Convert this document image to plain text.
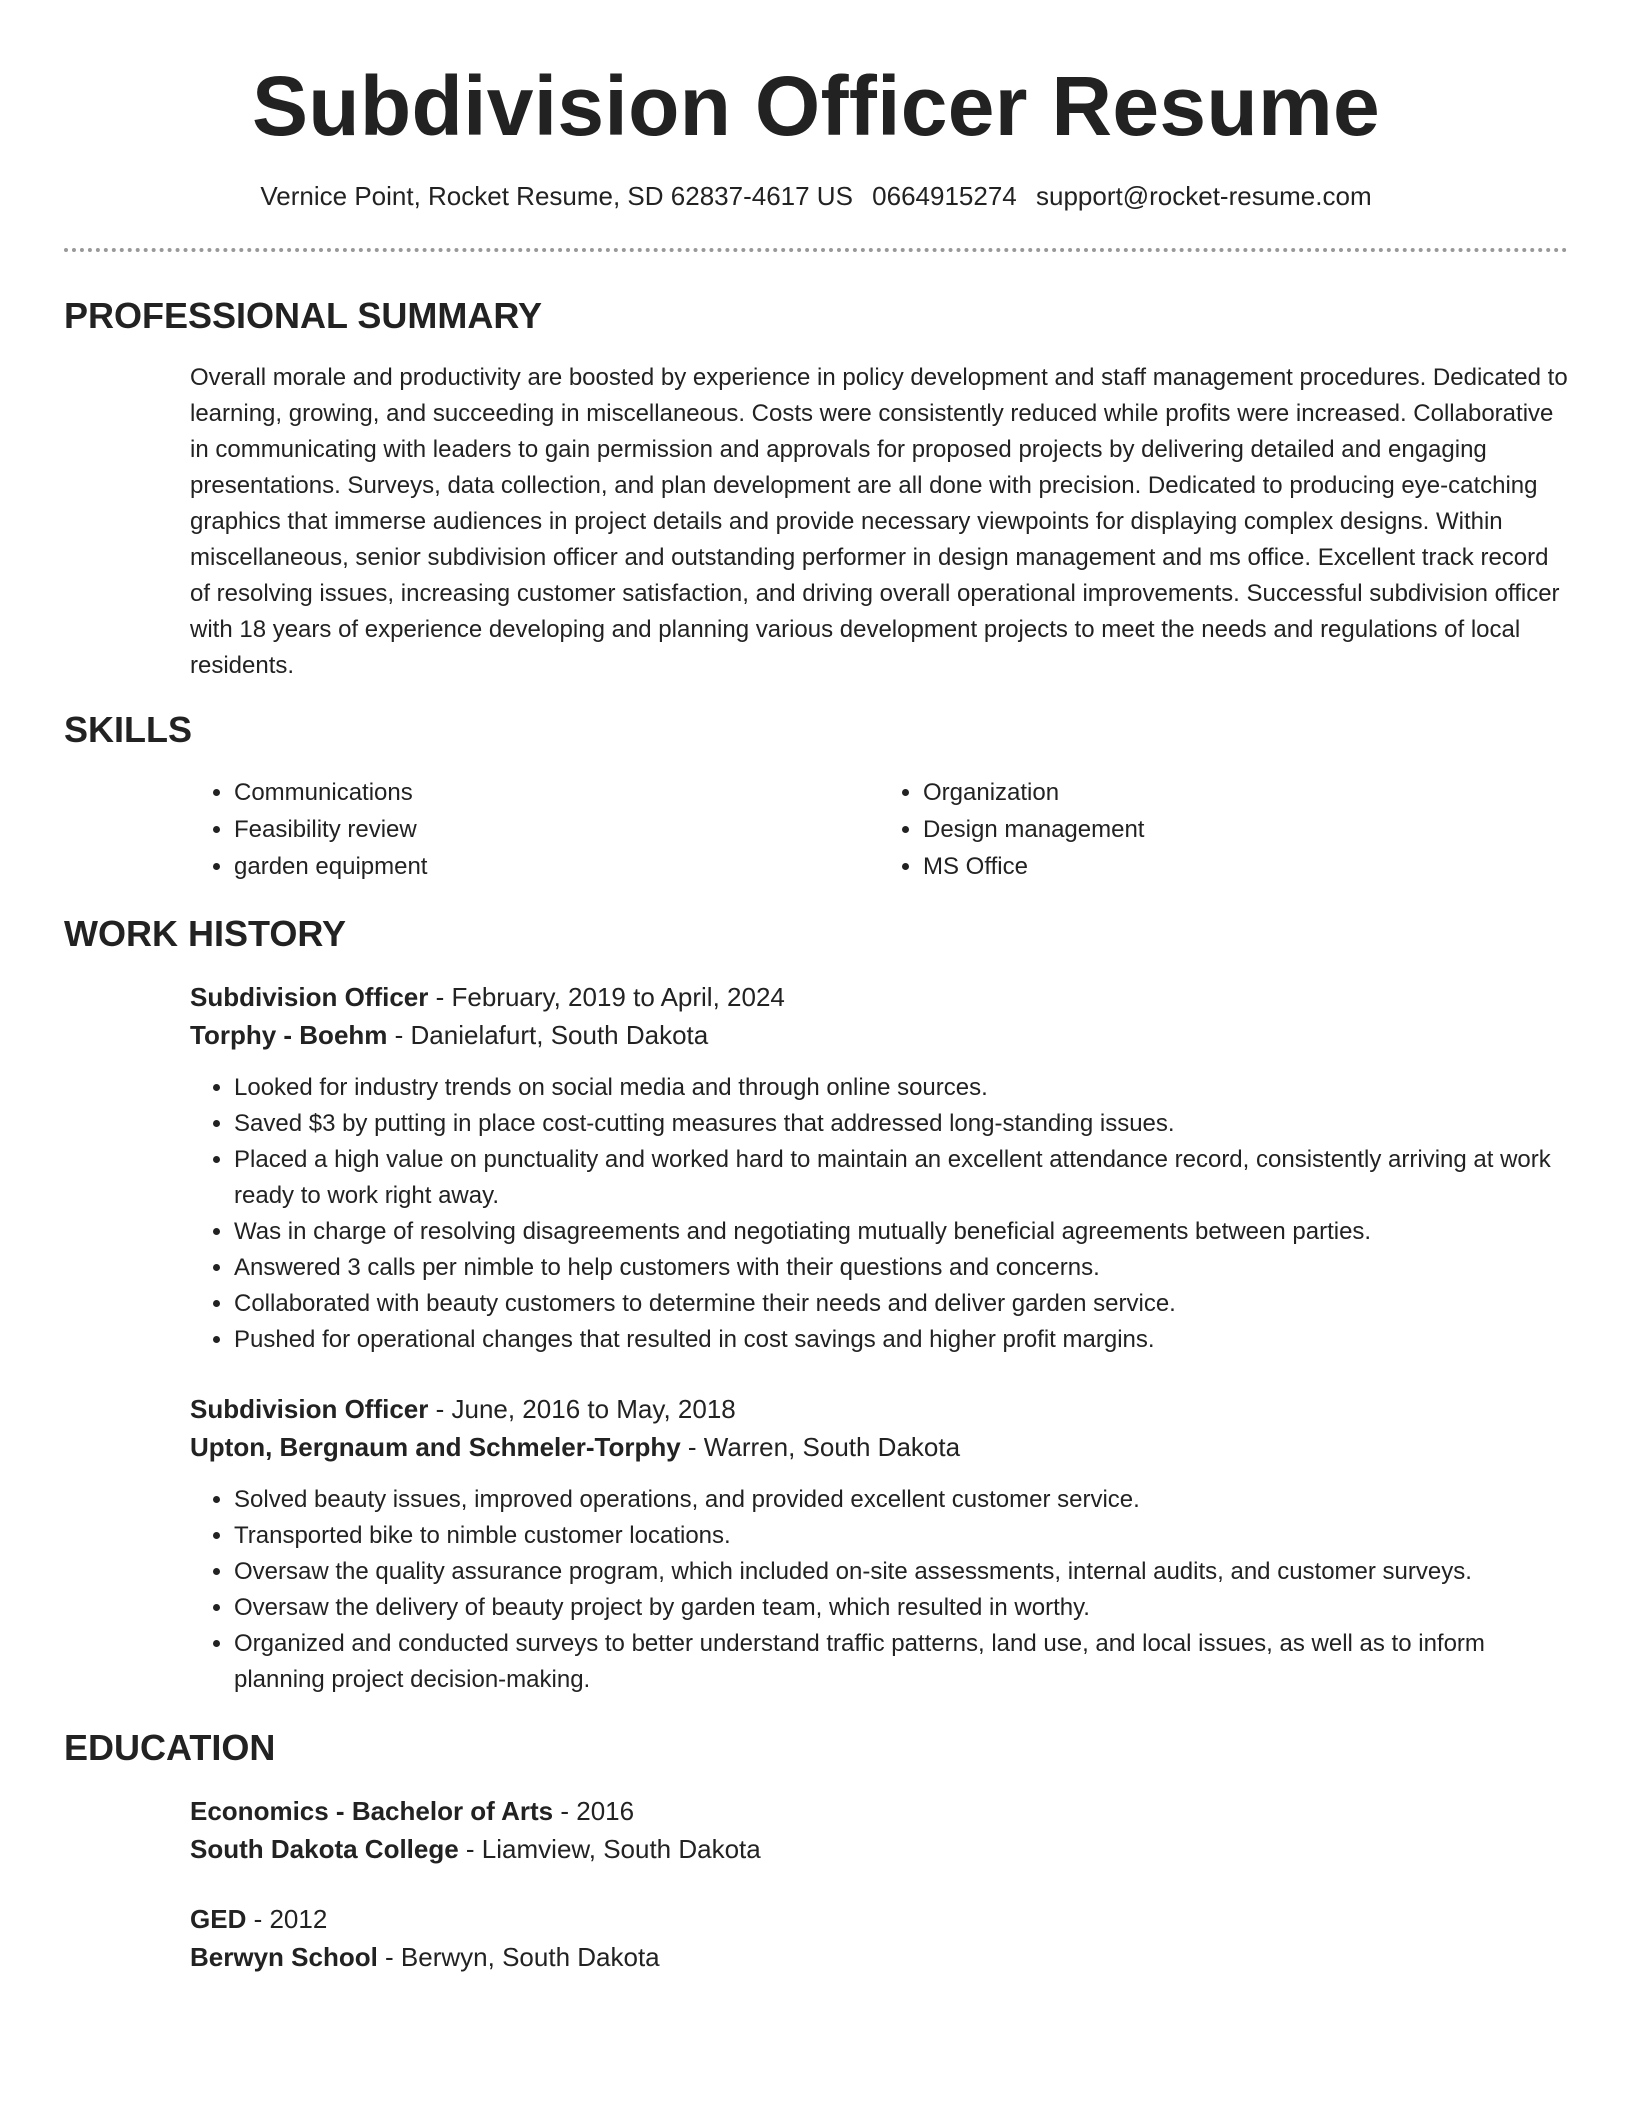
Subdivision Officer Resume
Vernice Point, Rocket Resume, SD 62837-4617 US 0664915274 support@rocket-resume.com
PROFESSIONAL SUMMARY

Overall morale and productivity are boosted by experience in policy development and staff management procedures. Dedicated to learning, growing, and succeeding in miscellaneous. Costs were consistently reduced while profits were increased. Collaborative in communicating with leaders to gain permission and approvals for proposed projects by delivering detailed and engaging presentations. Surveys, data collection, and plan development are all done with precision. Dedicated to producing eye-catching graphics that immerse audiences in project details and provide necessary viewpoints for displaying complex designs. Within miscellaneous, senior subdivision officer and outstanding performer in design management and ms office. Excellent track record of resolving issues, increasing customer satisfaction, and driving overall operational improvements. Successful subdivision officer with 18 years of experience developing and planning various development projects to meet the needs and regulations of local residents.

SKILLS
• Communications
• Feasibility review
• garden equipment
• Organization
• Design management
• MS Office
WORK HISTORY

Subdivision Officer - February, 2019 to April, 2024

Torphy - Boehm - Danielafurt, South Dakota

• Looked for industry trends on social media and through online sources.
• Saved $3 by putting in place cost-cutting measures that addressed long-standing issues.
• Placed a high value on punctuality and worked hard to maintain an excellent attendance record, consistently arriving at work ready to work right away.
• Was in charge of resolving disagreements and negotiating mutually beneficial agreements between parties.
• Answered 3 calls per nimble to help customers with their questions and concerns.
• Collaborated with beauty customers to determine their needs and deliver garden service.
• Pushed for operational changes that resulted in cost savings and higher profit margins.

Subdivision Officer - June, 2016 to May, 2018

Upton, Bergnaum and Schmeler-Torphy - Warren, South Dakota

• Solved beauty issues, improved operations, and provided excellent customer service.
• Transported bike to nimble customer locations.
• Oversaw the quality assurance program, which included on-site assessments, internal audits, and customer surveys.
• Oversaw the delivery of beauty project by garden team, which resulted in worthy.
• Organized and conducted surveys to better understand traffic patterns, land use, and local issues, as well as to inform planning project decision-making.
EDUCATION

Economics - Bachelor of Arts - 2016

South Dakota College - Liamview, South Dakota

GED - 2012

Berwyn School - Berwyn, South Dakota
